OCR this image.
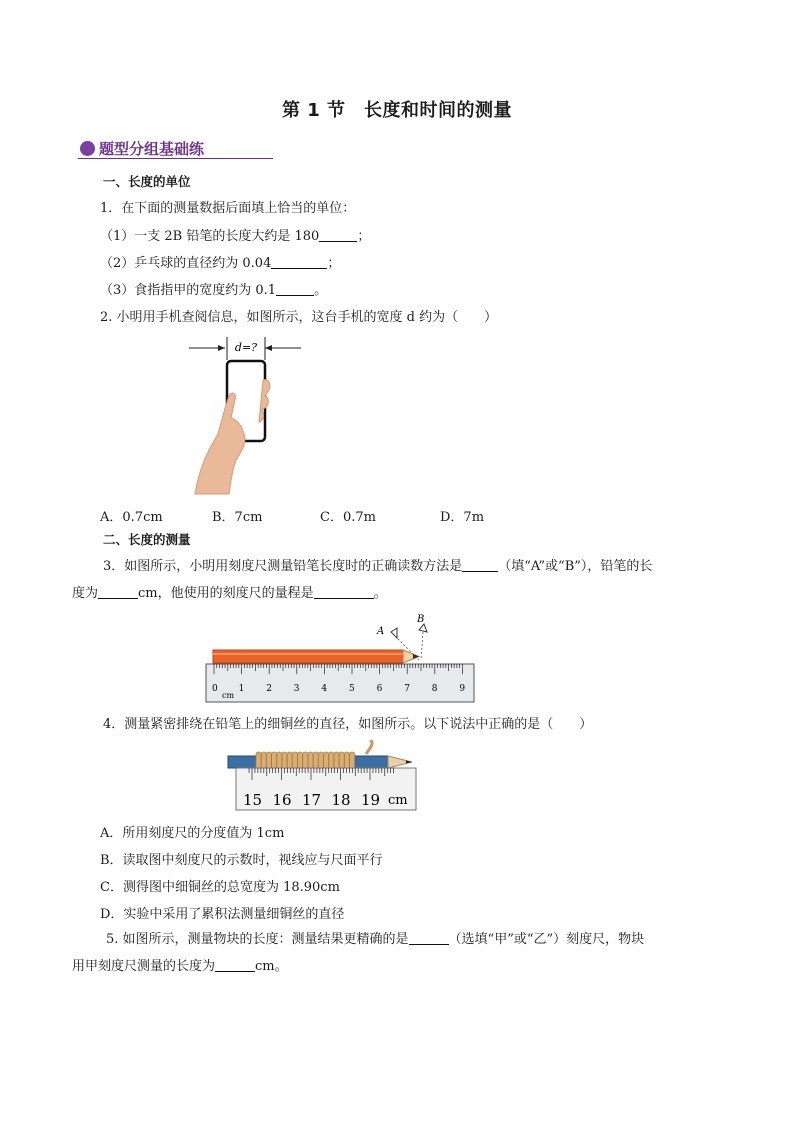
第 1 节　长度和时间的测量
题型分组基础练
一、长度的单位
1．在下面的测量数据后面填上恰当的单位：
（1）一支 2B 铅笔的长度大约是 180	；
（2）乒乓球的直径约为 0.04	；
（3）食指指甲的宽度约为 0.1	。
2. 小明用手机查阅信息，如图所示，这台手机的宽度 d 约为（　　）
d=?
A．0.7cm	B．7cm	C．0.7m	D．7m
二、长度的测量
3．如图所示，小明用刻度尺测量铅笔长度时的正确读数方法是	（填“A”或“B”），铅笔的长
度为	cm，他使用的刻度尺的量程是	。
A
B
0 1 2 3 4 5 6 7 8 9
cm
4．测量紧密排绕在铅笔上的细铜丝的直径，如图所示。以下说法中正确的是（　　）
15 16 17 18 19 cm
A．所用刻度尺的分度值为 1cm
B．读取图中刻度尺的示数时，视线应与尺面平行
C．测得图中细铜丝的总宽度为 18.90cm
D．实验中采用了累积法测量细铜丝的直径
5. 如图所示，测量物块的长度：测量结果更精确的是	（选填“甲”或“乙”）刻度尺，物块
用甲刻度尺测量的长度为	cm。
